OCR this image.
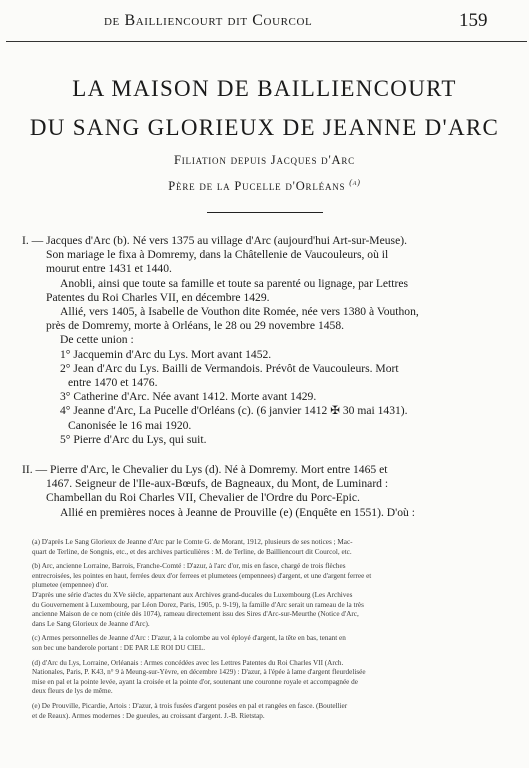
de Bailliencourt dit Courcol	159
LA MAISON DE BAILLIENCOURT
DU SANG GLORIEUX DE JEANNE D'ARC
Filiation depuis Jacques d'Arc
Père de la Pucelle d'Orléans $^{(a)}$
I. — Jacques d'Arc (b). Né vers 1375 au village d'Arc (aujourd'hui Art-sur-Meuse).
Son mariage le fixa à Domremy, dans la Châtellenie de Vaucouleurs, où il
mourut entre 1431 et 1440.
Anobli, ainsi que toute sa famille et toute sa parenté ou lignage, par Lettres
Patentes du Roi Charles VII, en décembre 1429.
Allié, vers 1405, à Isabelle de Vouthon dite Romée, née vers 1380 à Vouthon,
près de Domremy, morte à Orléans, le 28 ou 29 novembre 1458.
De cette union :
1° Jacquemin d'Arc du Lys. Mort avant 1452.
2° Jean d'Arc du Lys. Bailli de Vermandois. Prévôt de Vaucouleurs. Mort
entre 1470 et 1476.
3° Catherine d'Arc. Née avant 1412. Morte avant 1429.
4° Jeanne d'Arc, La Pucelle d'Orléans (c). (6 janvier 1412 ✠ 30 mai 1431).
Canonisée le 16 mai 1920.
5° Pierre d'Arc du Lys, qui suit.
II. — Pierre d'Arc, le Chevalier du Lys (d). Né à Domremy. Mort entre 1465 et
1467. Seigneur de l'Ile-aux-Bœufs, de Bagneaux, du Mont, de Luminard :
Chambellan du Roi Charles VII, Chevalier de l'Ordre du Porc-Epic.
Allié en premières noces à Jeanne de Prouville (e) (Enquête en 1551). D'où :

(a) D'après Le Sang Glorieux de Jeanne d'Arc par le Comte G. de Morant, 1912, plusieurs de ses notices ; Mac-
quart de Terline, de Songnis, etc., et des archives particulières : M. de Terline, de Bailliencourt dit Courcol, etc.

(b) Arc, ancienne Lorraine, Barrois, Franche-Comté : D'azur, à l'arc d'or, mis en fasce, chargé de trois flèches
entrecroisées, les pointes en haut, ferrées deux d'or ferrees et plumetees (empennees) d'argent, et une d'argent ferree et
plumetee (empennee) d'or.
D'après une série d'actes du XVe siècle, appartenant aux Archives grand-ducales du Luxembourg (Les Archives
du Gouvernement à Luxembourg, par Léon Dorez, Paris, 1905, p. 9-19), la famille d'Arc serait un rameau de la très
ancienne Maison de ce nom (citée dès 1074), rameau directement issu des Sires d'Arc-sur-Meurthe (Notice d'Arc,
dans Le Sang Glorieux de Jeanne d'Arc).

(c) Armes personnelles de Jeanne d'Arc : D'azur, à la colombe au vol éployé d'argent, la tête en bas, tenant en
son bec une banderole portant : DE PAR LE ROI DU CIEL.

(d) d'Arc du Lys, Lorraine, Orléanais : Armes concédées avec les Lettres Patentes du Roi Charles VII (Arch.
Nationales, Paris, P. K43, n° 9 à Meung-sur-Yèvre, en décembre 1429) : D'azur, à l'épée à lame d'argent fleurdelisée
mise en pal et la pointe levée, ayant la croisée et la pointe d'or, soutenant une couronne royale et accompagnée de
deux fleurs de lys de même.

(e) De Prouville, Picardie, Artois : D'azur, à trois fusées d'argent posées en pal et rangées en fasce. (Boutellier
et de Reaux). Armes modernes : De gueules, au croissant d'argent. J.-B. Rietstap.
